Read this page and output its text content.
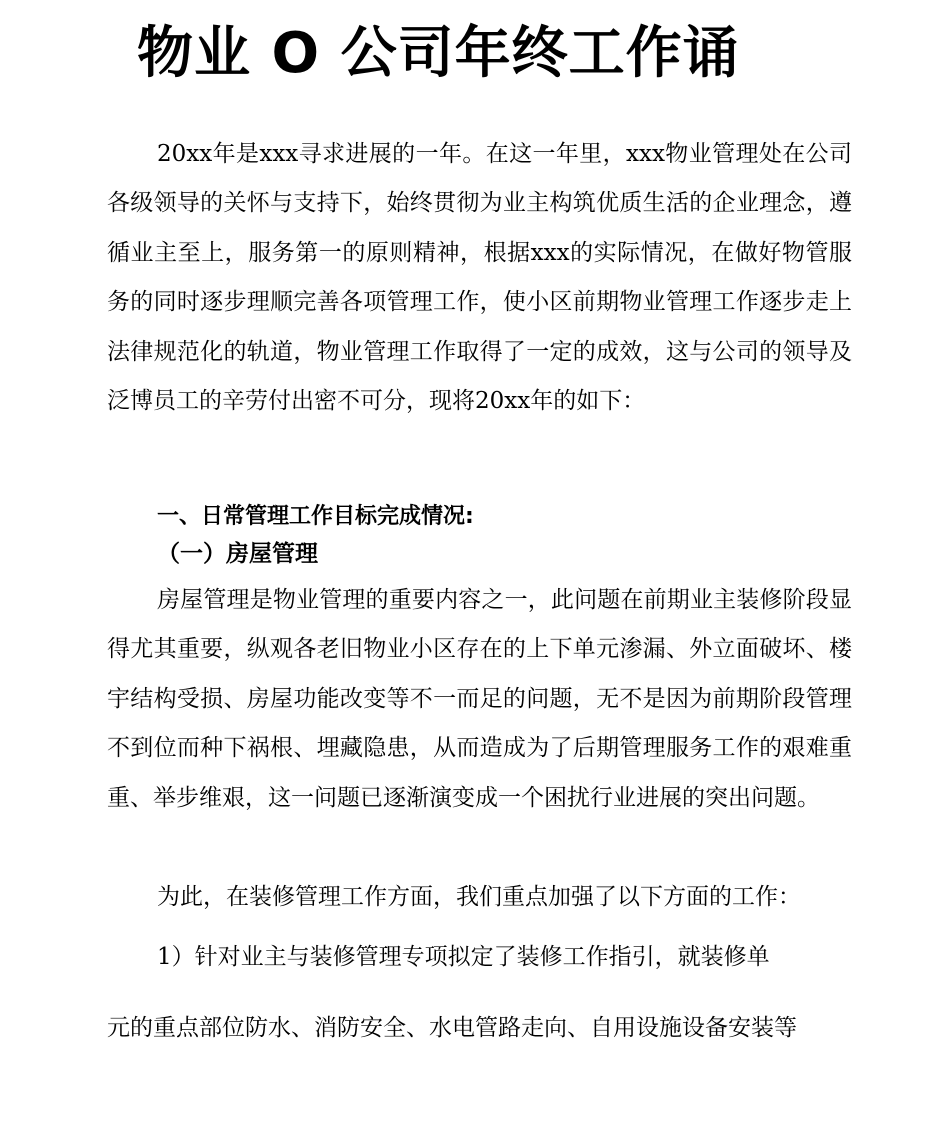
物业 O 公司年终工作诵

20xx年是xxx寻求进展的一年。在这一年里，xxx物业管理处在公司各级领导的关怀与支持下，始终贯彻为业主构筑优质生活的企业理念，遵循业主至上，服务第一的原则精神，根据xxx的实际情况，在做好物管服务的同时逐步理顺完善各项管理工作，使小区前期物业管理工作逐步走上法律规范化的轨道，物业管理工作取得了一定的成效，这与公司的领导及泛博员工的辛劳付出密不可分，现将20xx年的如下：

一、日常管理工作目标完成情况:
（一）房屋管理

房屋管理是物业管理的重要内容之一，此问题在前期业主装修阶段显得尤其重要，纵观各老旧物业小区存在的上下单元渗漏、外立面破坏、楼宇结构受损、房屋功能改变等不一而足的问题，无不是因为前期阶段管理不到位而种下祸根、埋藏隐患，从而造成为了后期管理服务工作的艰难重重、举步维艰，这一问题已逐渐演变成一个困扰行业进展的突出问题。

为此，在装修管理工作方面，我们重点加强了以下方面的工作：

1）针对业主与装修管理专项拟定了装修工作指引，就装修单

元的重点部位防水、消防安全、水电管路走向、自用设施设备安装等
